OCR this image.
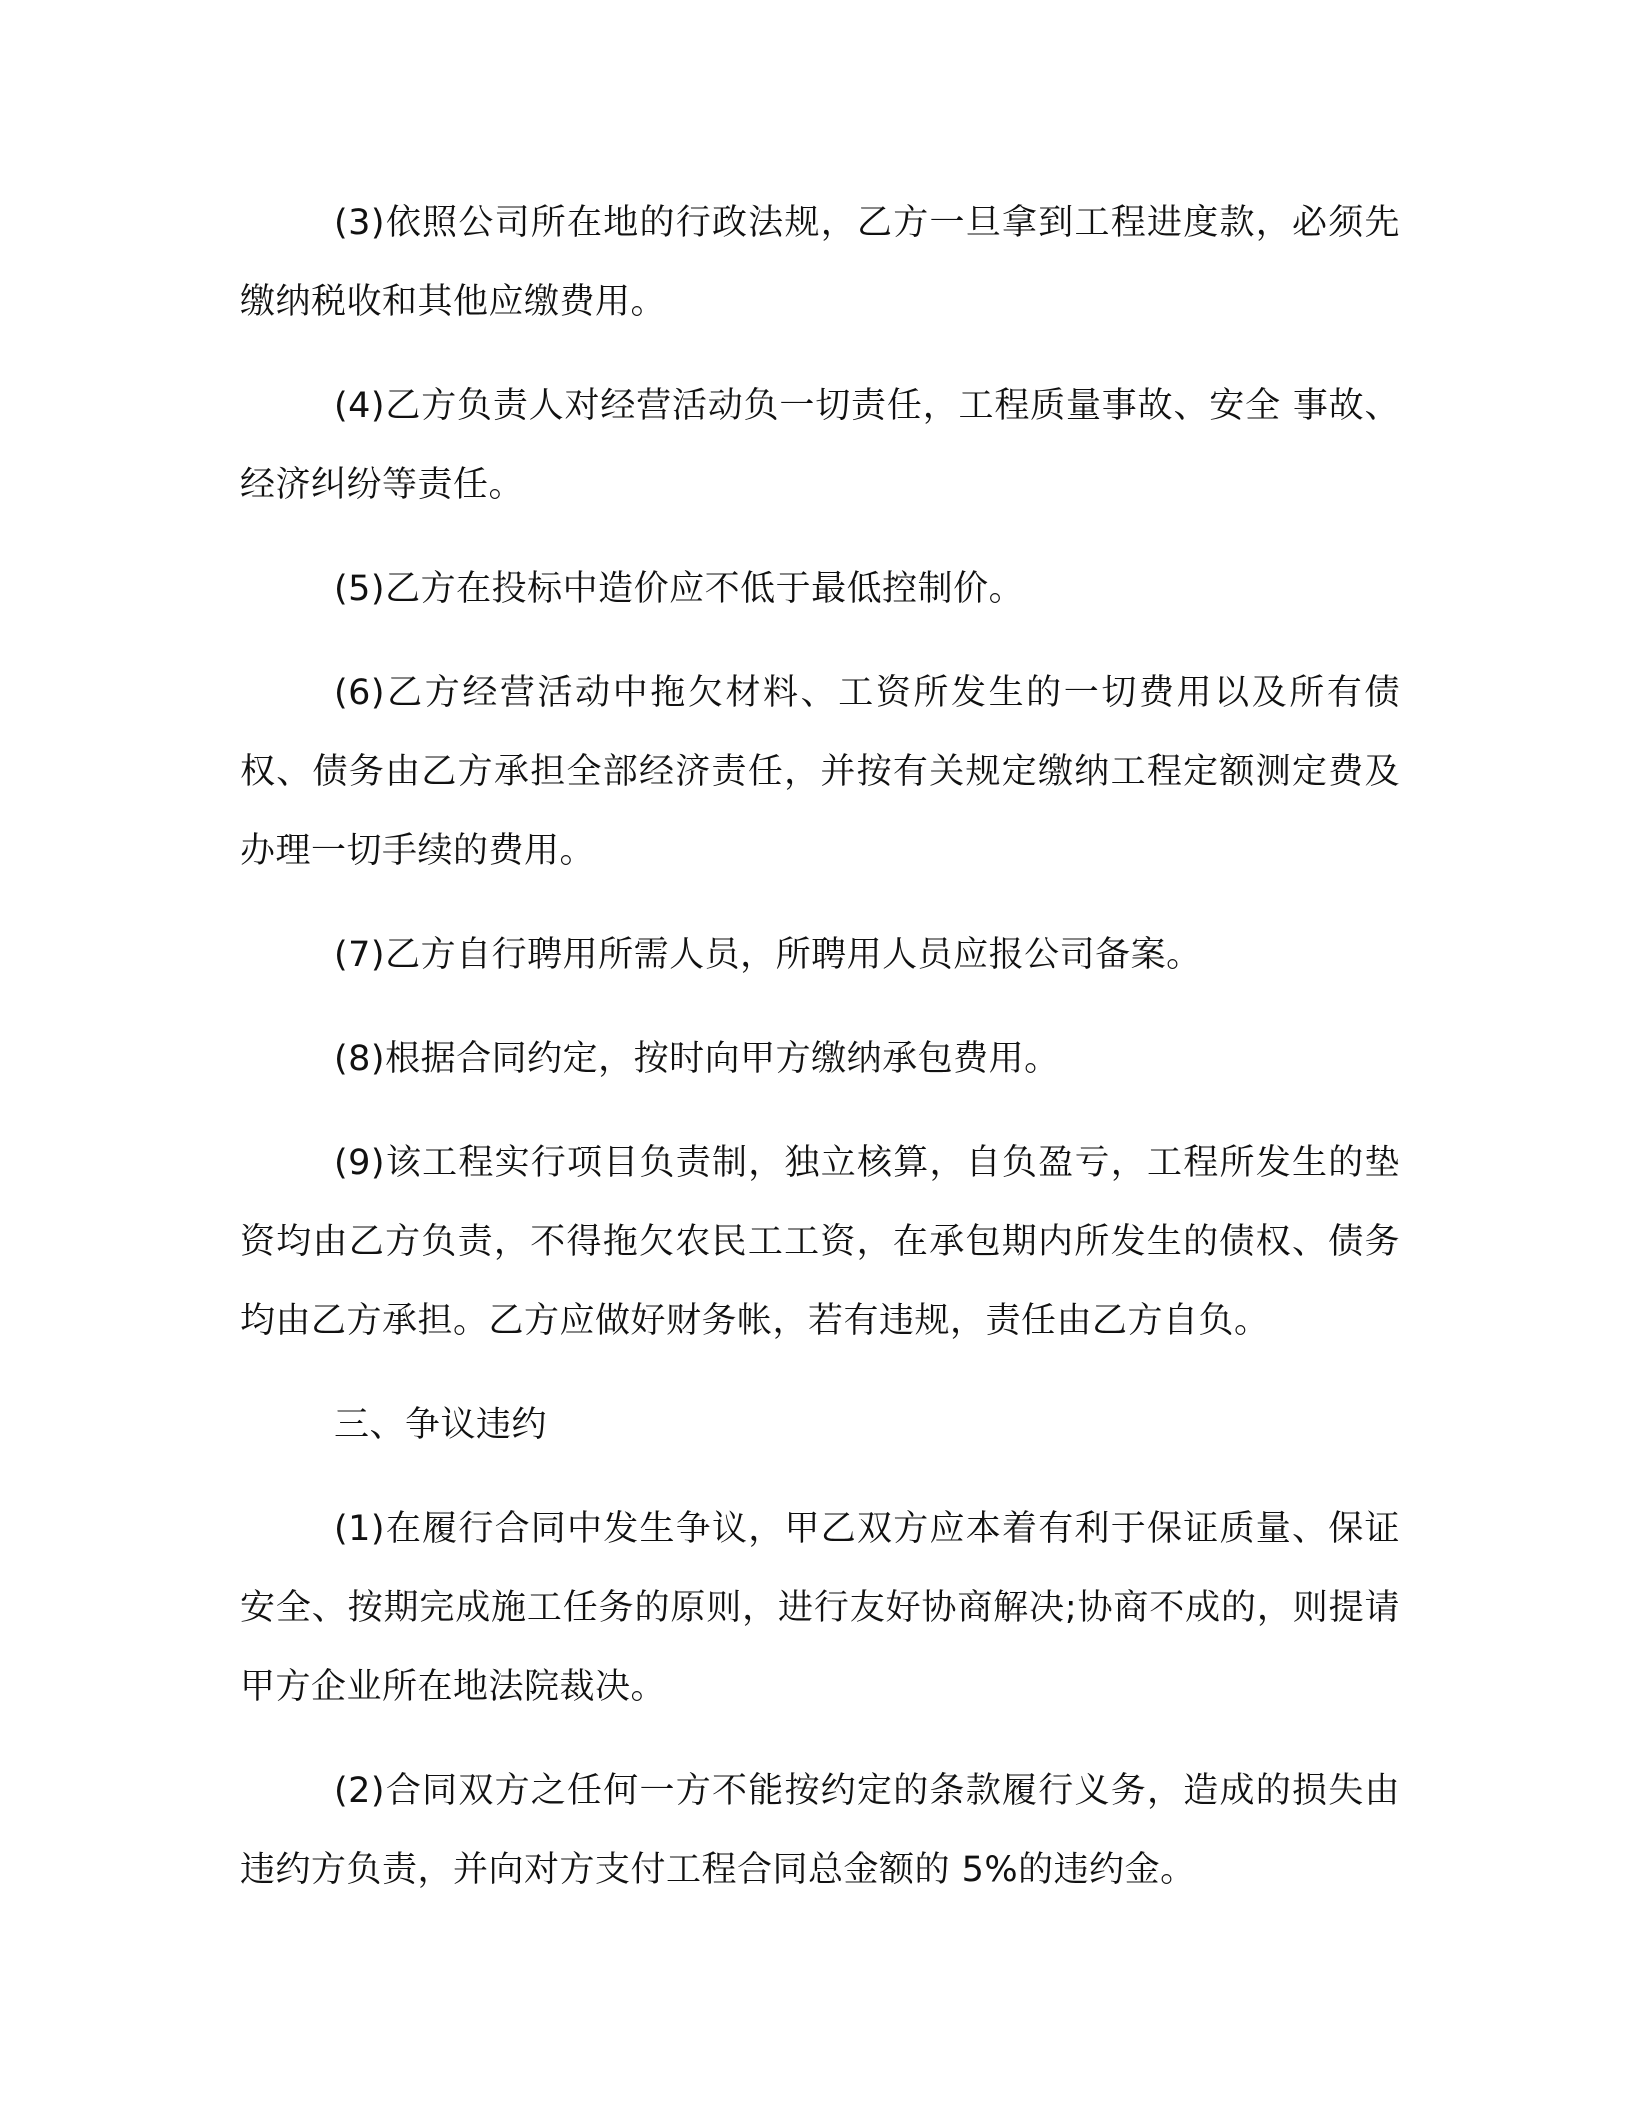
(3)依照公司所在地的行政法规，乙方一旦拿到工程进度款，必须先缴纳税收和其他应缴费用。

(4)乙方负责人对经营活动负一切责任，工程质量事故、安全 事故、经济纠纷等责任。

(5)乙方在投标中造价应不低于最低控制价。

(6)乙方经营活动中拖欠材料、工资所发生的一切费用以及所有债权、债务由乙方承担全部经济责任，并按有关规定缴纳工程定额测定费及办理一切手续的费用。

(7)乙方自行聘用所需人员，所聘用人员应报公司备案。

(8)根据合同约定，按时向甲方缴纳承包费用。

(9)该工程实行项目负责制，独立核算，自负盈亏，工程所发生的垫资均由乙方负责，不得拖欠农民工工资，在承包期内所发生的债权、债务均由乙方承担。乙方应做好财务帐，若有违规，责任由乙方自负。

三、争议违约

(1)在履行合同中发生争议，甲乙双方应本着有利于保证质量、保证安全、按期完成施工任务的原则，进行友好协商解决;协商不成的，则提请甲方企业所在地法院裁决。

(2)合同双方之任何一方不能按约定的条款履行义务，造成的损失由违约方负责，并向对方支付工程合同总金额的 5%的违约金。
